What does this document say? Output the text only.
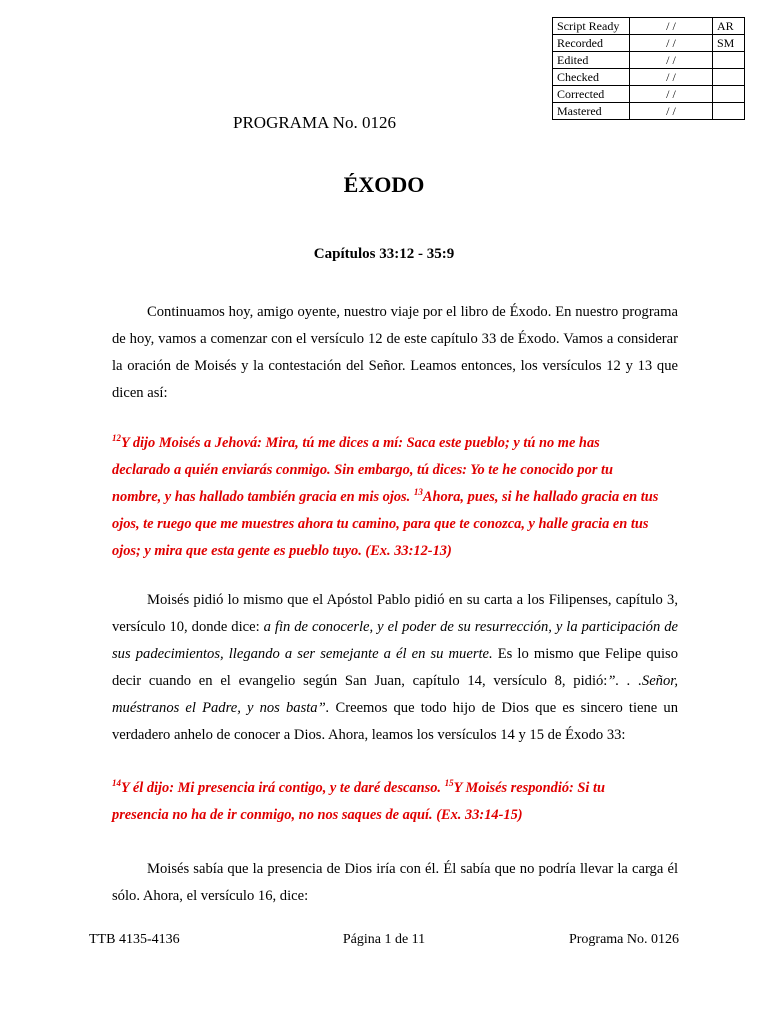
Script Ready	/ /	AR
Recorded	/ /	SM
Edited	/ /	
Checked	/ /	
Corrected	/ /	
Mastered	/ /	
PROGRAMA No. 0126
ÉXODO
Capítulos 33:12 - 35:9

Continuamos hoy, amigo oyente, nuestro viaje por el libro de Éxodo. En nuestro programa de hoy, vamos a comenzar con el versículo 12 de este capítulo 33 de Éxodo. Vamos a considerar la oración de Moisés y la contestación del Señor. Leamos entonces, los versículos 12 y 13 que dicen así:

$^{12}$Y dijo Moisés a Jehová: Mira, tú me dices a mí: Saca este pueblo; y tú no me has declarado a quién enviarás conmigo. Sin embargo, tú dices: Yo te he conocido por tu nombre, y has hallado también gracia en mis ojos. $^{13}$Ahora, pues, si he hallado gracia en tus ojos, te ruego que me muestres ahora tu camino, para que te conozca, y halle gracia en tus ojos; y mira que esta gente es pueblo tuyo. (Ex. 33:12-13)

Moisés pidió lo mismo que el Apóstol Pablo pidió en su carta a los Filipenses, capítulo 3, versículo 10, donde dice: a fin de conocerle, y el poder de su resurrección, y la participación de sus padecimientos, llegando a ser semejante a él en su muerte. Es lo mismo que Felipe quiso decir cuando en el evangelio según San Juan, capítulo 14, versículo 8, pidió:”. . .Señor, muéstranos el Padre, y nos basta”. Creemos que todo hijo de Dios que es sincero tiene un verdadero anhelo de conocer a Dios. Ahora, leamos los versículos 14 y 15 de Éxodo 33:

$^{14}$Y él dijo: Mi presencia irá contigo, y te daré descanso. $^{15}$Y Moisés respondió: Si tu presencia no ha de ir conmigo, no nos saques de aquí. (Ex. 33:14-15)

Moisés sabía que la presencia de Dios iría con él. Él sabía que no podría llevar la carga él sólo. Ahora, el versículo 16, dice:

TTB 4135-4136	Página 1 de 11	Programa No. 0126
